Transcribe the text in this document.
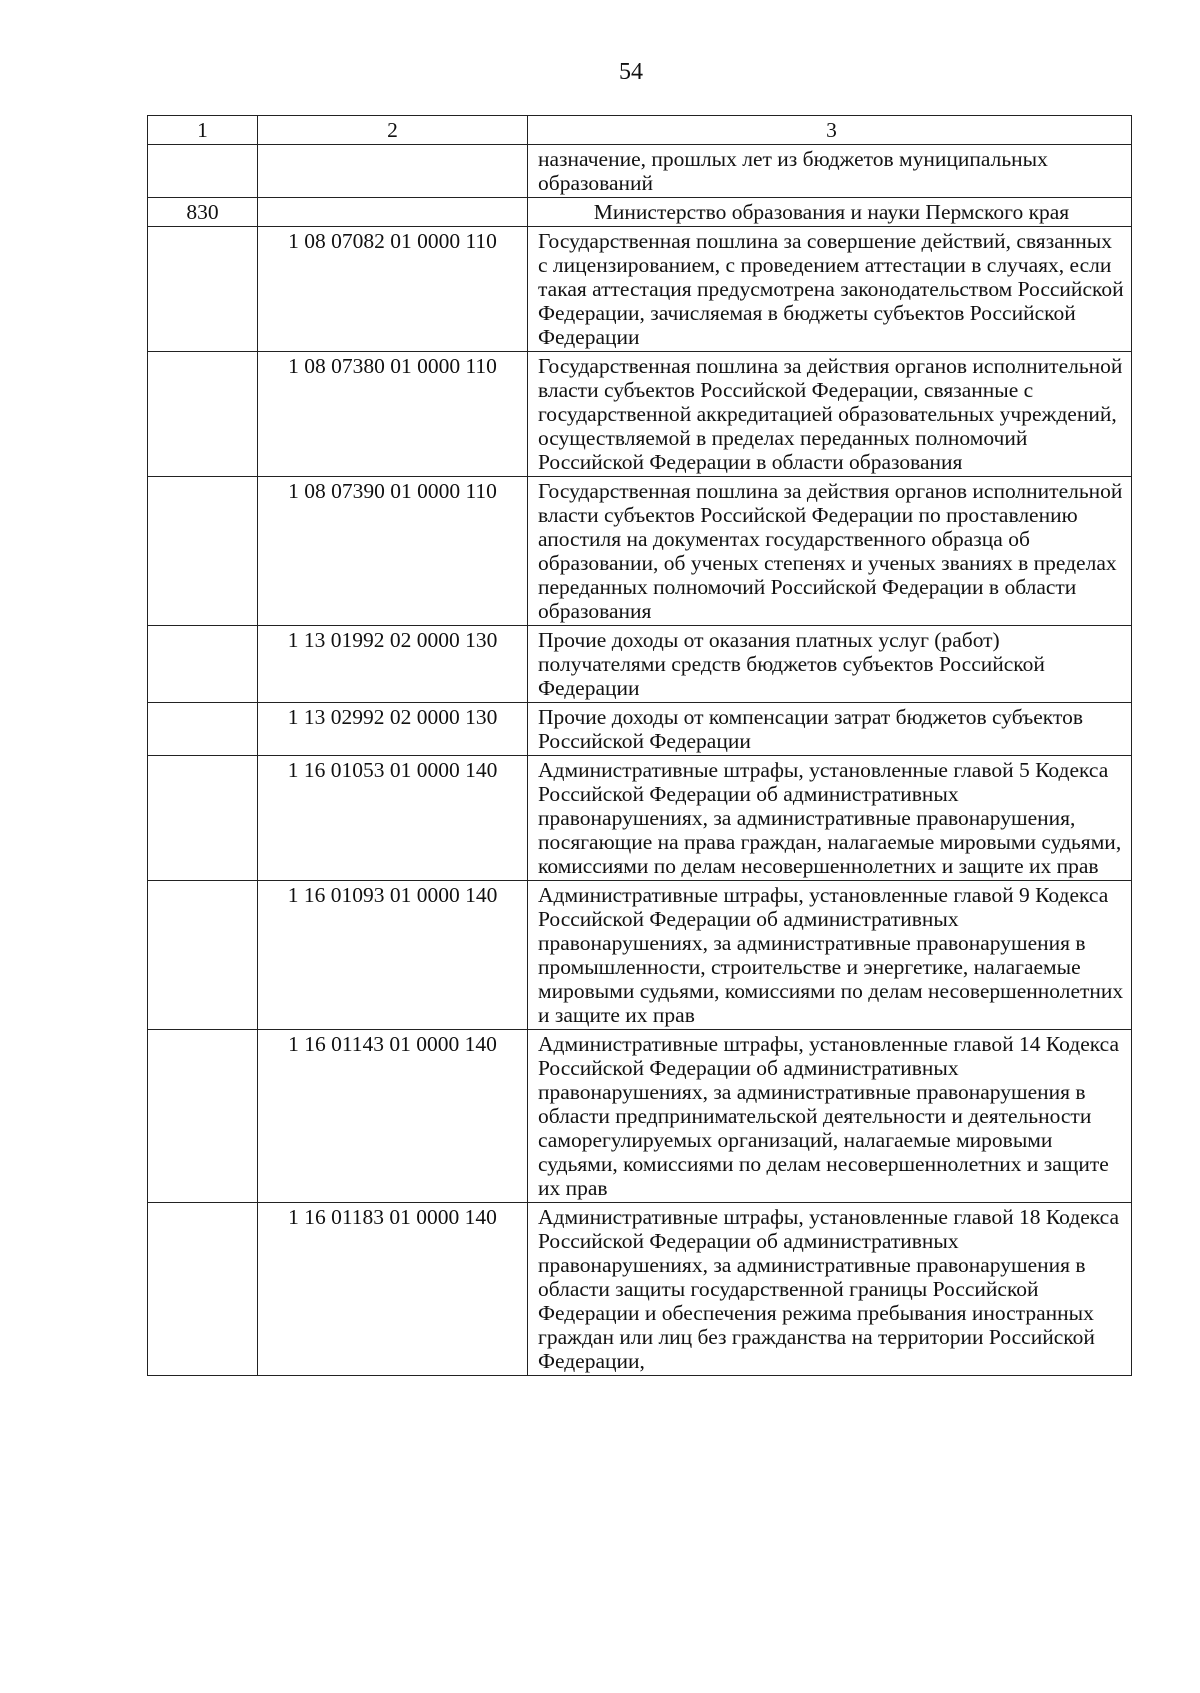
54
1	2	3
		назначение, прошлых лет из бюджетов муниципальных образований
830		Министерство образования и науки Пермского края
	1 08 07082 01 0000 110	Государственная пошлина за совершение действий, связанных с лицензированием, с проведением аттестации в случаях, если такая аттестация предусмотрена законодательством Российской Федерации, зачисляемая в бюджеты субъектов Российской Федерации
	1 08 07380 01 0000 110	Государственная пошлина за действия органов исполнительной власти субъектов Российской Федерации, связанные с государственной аккредитацией образовательных учреждений, осуществляемой в пределах переданных полномочий Российской Федерации в области образования
	1 08 07390 01 0000 110	Государственная пошлина за действия органов исполнительной власти субъектов Российской Федерации по проставлению апостиля на документах государственного образца об образовании, об ученых степенях и ученых званиях в пределах переданных полномочий Российской Федерации в области образования
	1 13 01992 02 0000 130	Прочие доходы от оказания платных услуг (работ) получателями средств бюджетов субъектов Российской Федерации
	1 13 02992 02 0000 130	Прочие доходы от компенсации затрат бюджетов субъектов Российской Федерации
	1 16 01053 01 0000 140	Административные штрафы, установленные главой 5 Кодекса Российской Федерации об административных правонарушениях, за административные правонарушения, посягающие на права граждан, налагаемые мировыми судьями, комиссиями по делам несовершеннолетних и защите их прав
	1 16 01093 01 0000 140	Административные штрафы, установленные главой 9 Кодекса Российской Федерации об административных правонарушениях, за административные правонарушения в промышленности, строительстве и энергетике, налагаемые мировыми судьями, комиссиями по делам несовершеннолетних и защите их прав
	1 16 01143 01 0000 140	Административные штрафы, установленные главой 14 Кодекса Российской Федерации об административных правонарушениях, за административные правонарушения в области предпринимательской деятельности и деятельности саморегулируемых организаций, налагаемые мировыми судьями, комиссиями по делам несовершеннолетних и защите их прав
	1 16 01183 01 0000 140	Административные штрафы, установленные главой 18 Кодекса Российской Федерации об административных правонарушениях, за административные правонарушения в области защиты государственной границы Российской Федерации и обеспечения режима пребывания иностранных граждан или лиц без гражданства на территории Российской Федерации,
